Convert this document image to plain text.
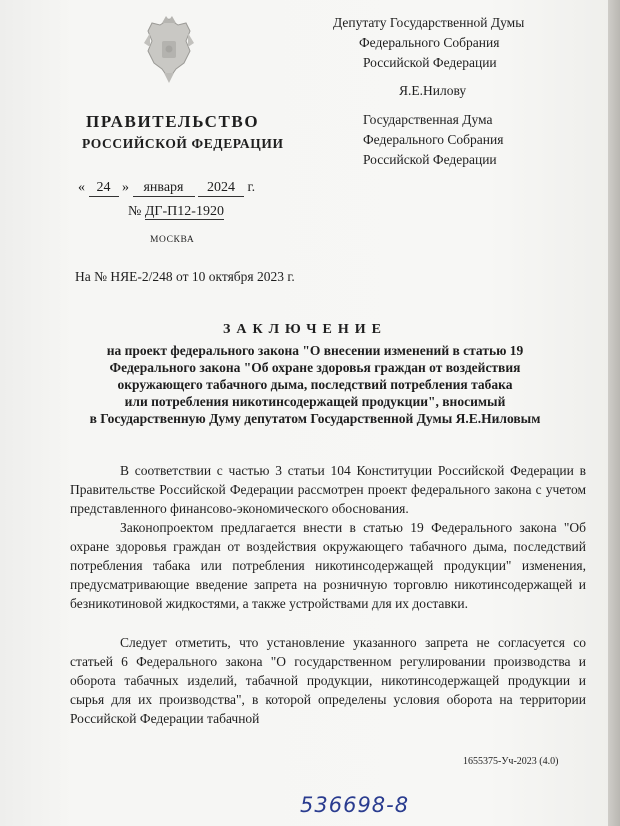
Депутату Государственной Думы
Федерального Собрания
Российской Федерации
Я.Е.Нилову
Государственная Дума
Федерального Собрания
Российской Федерации
ПРАВИТЕЛЬСТВО
РОССИЙСКОЙ ФЕДЕРАЦИИ
« 24 » января 2024 г.
№ ДГ-П12-1920
МОСКВА
На № НЯЕ-2/248 от 10 октября 2023 г.
ЗАКЛЮЧЕНИЕ
на проект федерального закона "О внесении изменений в статью 19
Федерального закона "Об охране здоровья граждан от воздействия
окружающего табачного дыма, последствий потребления табака
или потребления никотинсодержащей продукции", вносимый
в Государственную Думу депутатом Государственной Думы Я.Е.Ниловым

В соответствии с частью 3 статьи 104 Конституции Российской Федерации в Правительстве Российской Федерации рассмотрен проект федерального закона с учетом представленного финансово-экономического обоснования.

Законопроектом предлагается внести в статью 19 Федерального закона "Об охране здоровья граждан от воздействия окружающего табачного дыма, последствий потребления табака или потребления никотинсодержащей продукции" изменения, предусматривающие введение запрета на розничную торговлю никотинсодержащей и безникотиновой жидкостями, а также устройствами для их доставки.

Следует отметить, что установление указанного запрета не согласуется со статьей 6 Федерального закона "О государственном регулировании производства и оборота табачных изделий, табачной продукции, никотинсодержащей продукции и сырья для их производства", в которой определены условия оборота на территории Российской Федерации табачной

1655375-Уч-2023 (4.0)
536698-8
